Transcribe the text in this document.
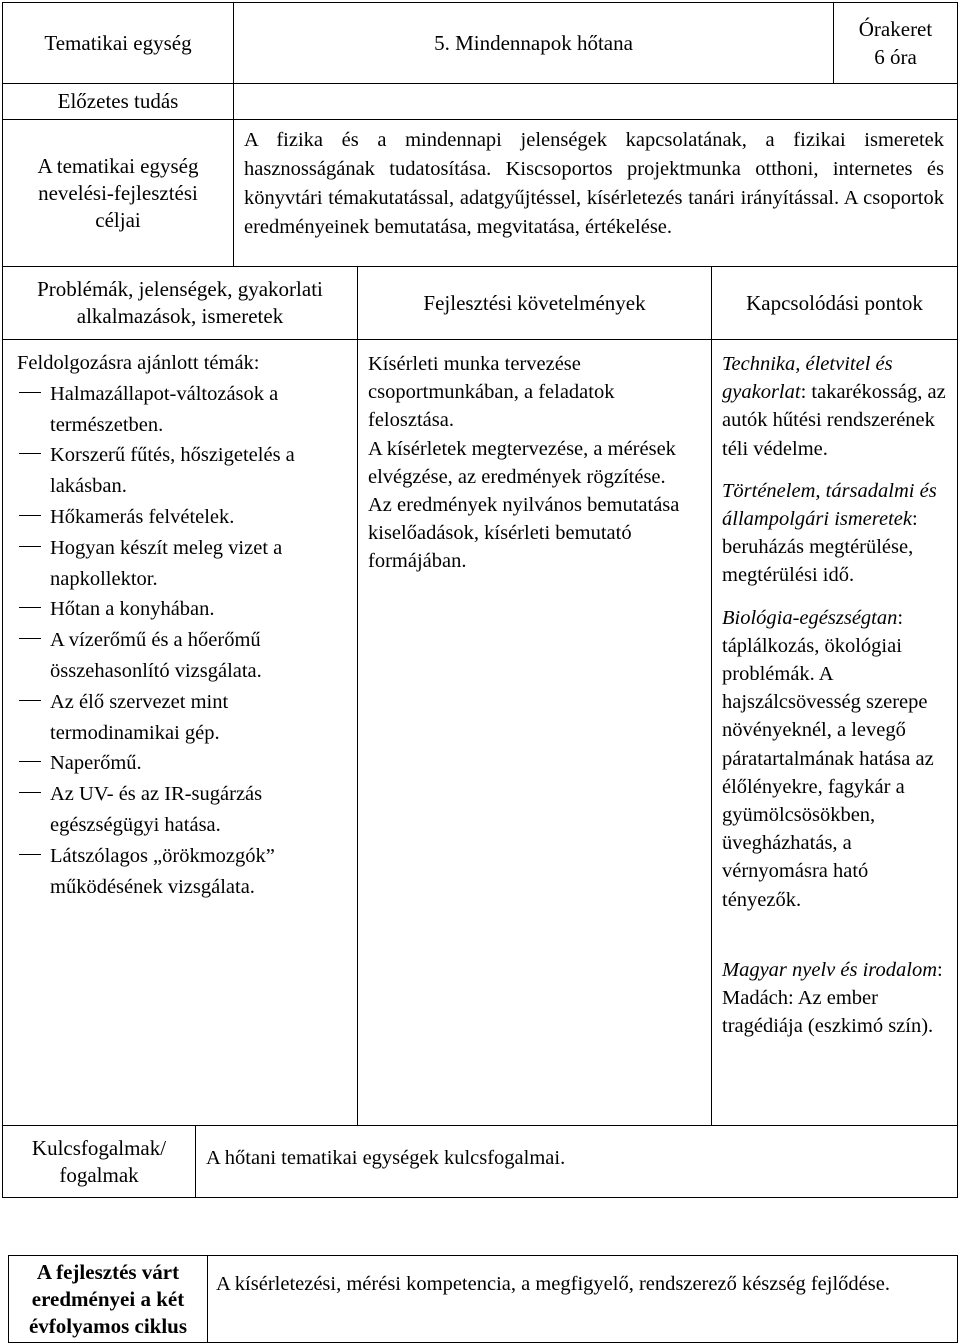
Tematikai egység	5. Mindennapok hőtana
Órakeret
6 óra
Előzetes tudás
A tematikai egység nevelési-fejlesztési céljai
A fizika és a mindennapi jelenségek kapcsolatának, a fizikai ismeretek hasznosságának tudatosítása. Kiscsoportos projektmunka otthoni, internetes és könyvtári témakutatással, adatgyűjtéssel, kísérletezés tanári irányítással. A csoportok eredményeinek bemutatása, megvitatása, értékelése.
Problémák, jelenségek, gyakorlati alkalmazások, ismeretek
Fejlesztési követelmények	Kapcsolódási pontok
Feldolgozásra ajánlott témák:
Halmazállapot-változások a természetben.
Korszerű fűtés, hőszigetelés a lakásban.
Hőkamerás felvételek.
Hogyan készít meleg vizet a napkollektor.
Hőtan a konyhában.
A vízerőmű és a hőerőmű összehasonlító vizsgálata.
Az élő szervezet mint termodinamikai gép.
Naperőmű.
Az UV- és az IR-sugárzás egészségügyi hatása.
Látszólagos „örökmozgók” működésének vizsgálata.

Kísérleti munka tervezése csoportmunkában, a feladatok felosztása.

A kísérletek megtervezése, a mérések elvégzése, az eredmények rögzítése.

Az eredmények nyilvános bemutatása kiselőadások, kísérleti bemutató formájában.

Technika, életvitel és gyakorlat: takarékosság, az autók hűtési rendszerének téli védelme.

Történelem, társadalmi és állampolgári ismeretek: beruházás megtérülése, megtérülési idő.

Biológia-egészségtan: táplálkozás, ökológiai problémák. A hajszálcsövesség szerepe növényeknél, a levegő páratartalmának hatása az élőlényekre, fagykár a gyümölcsösökben, üvegházhatás, a vérnyomásra ható tényezők.

Magyar nyelv és irodalom: Madách: Az ember tragédiája (eszkimó szín).

Kulcsfogalmak/ fogalmak
A hőtani tematikai egységek kulcsfogalmai.
A fejlesztés várt eredményei a két évfolyamos ciklus
A kísérletezési, mérési kompetencia, a megfigyelő, rendszerező készség fejlődése.
